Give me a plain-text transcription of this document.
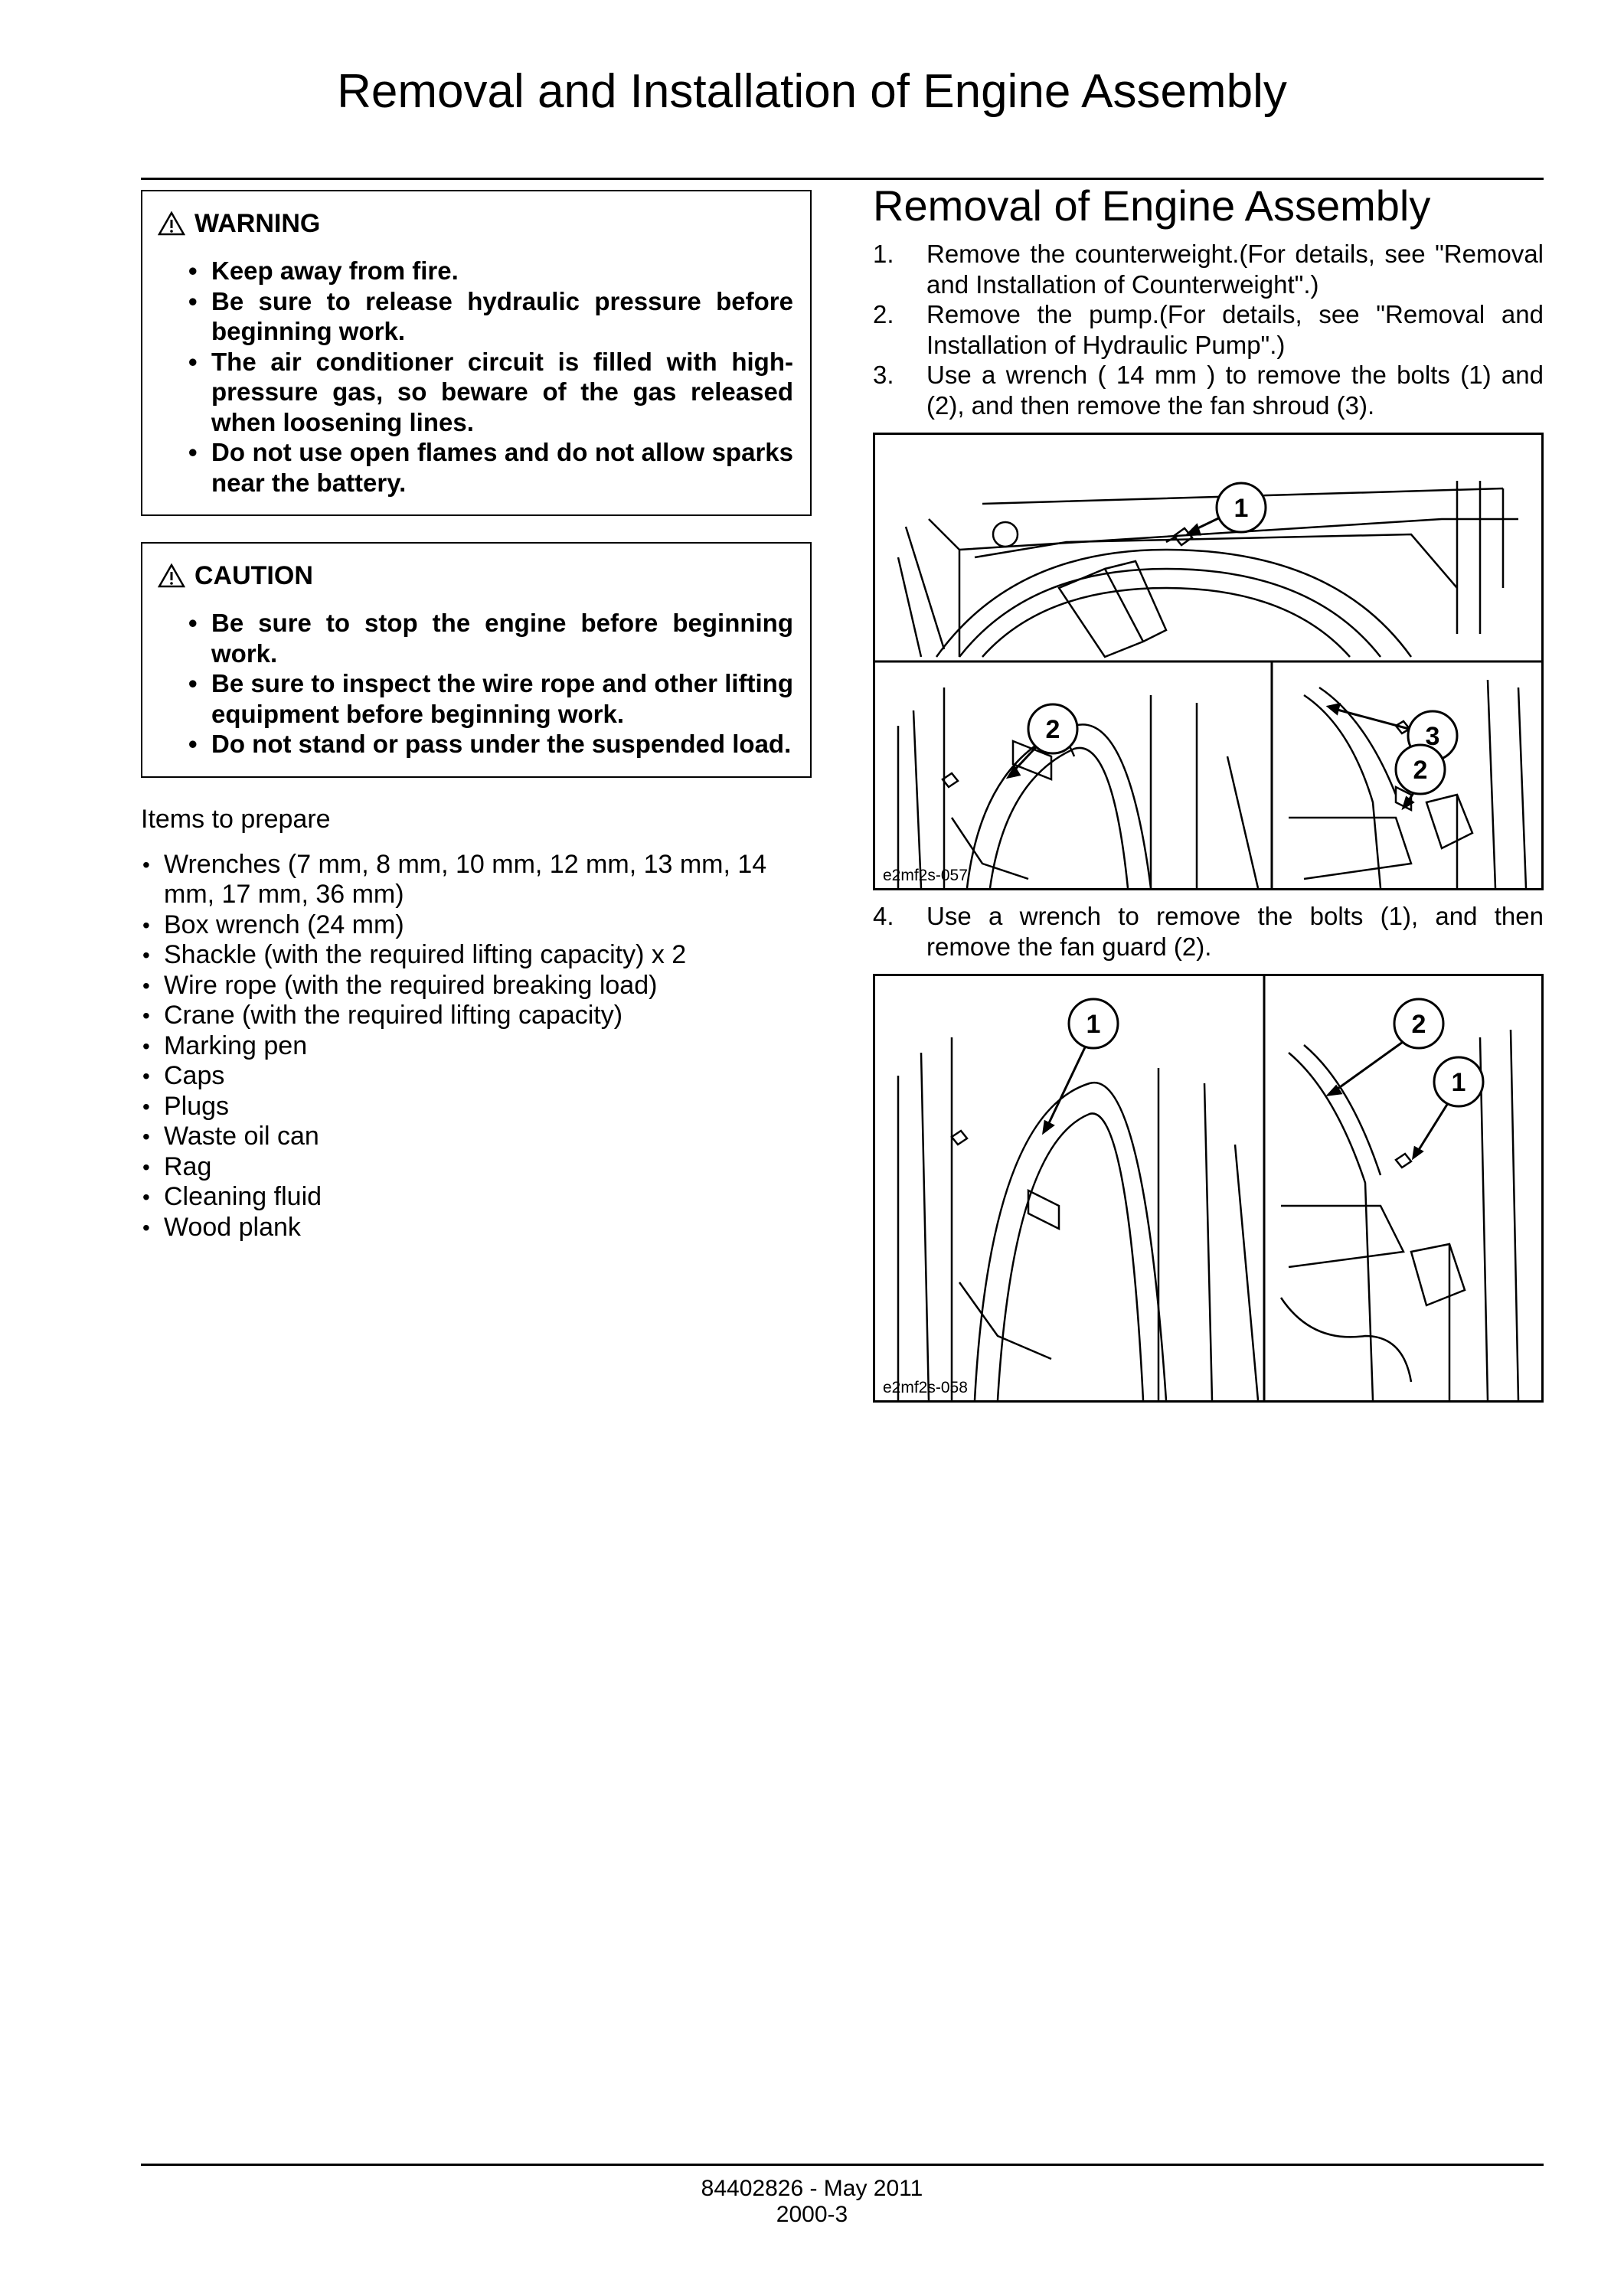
Removal and Installation of Engine Assembly
WARNING
• Keep away from fire.
• Be sure to release hydraulic pressure before beginning work.
• The air conditioner circuit is filled with high-pressure gas, so beware of the gas released when loosening lines.
• Do not use open flames and do not allow sparks near the battery.
CAUTION
• Be sure to stop the engine before beginning work.
• Be sure to inspect the wire rope and other lifting equipment before beginning work.
• Do not stand or pass under the suspended load.
Items to prepare
• Wrenches (7 mm, 8 mm, 10 mm, 12 mm, 13 mm, 14 mm, 17 mm, 36 mm)
• Box wrench (24 mm)
• Shackle (with the required lifting capacity) x 2
• Wire rope (with the required breaking load)
• Crane (with the required lifting capacity)
• Marking pen
• Caps
• Plugs
• Waste oil can
• Rag
• Cleaning fluid
• Wood plank
Removal of Engine Assembly
1.	Remove the counterweight.(For details, see "Removal and Installation of Counterweight".)
2.	Remove the pump.(For details, see "Removal and Installation of Hydraulic Pump".)
3.	Use a wrench ( 14 mm ) to remove the bolts (1) and (2), and then remove the fan shroud (3).
1
2	3
2
e2mf2s-057
4.	Use a wrench to remove the bolts (1), and then remove the fan guard (2).
1	2
1
e2mf2s-058
84402826 - May 2011
2000-3
